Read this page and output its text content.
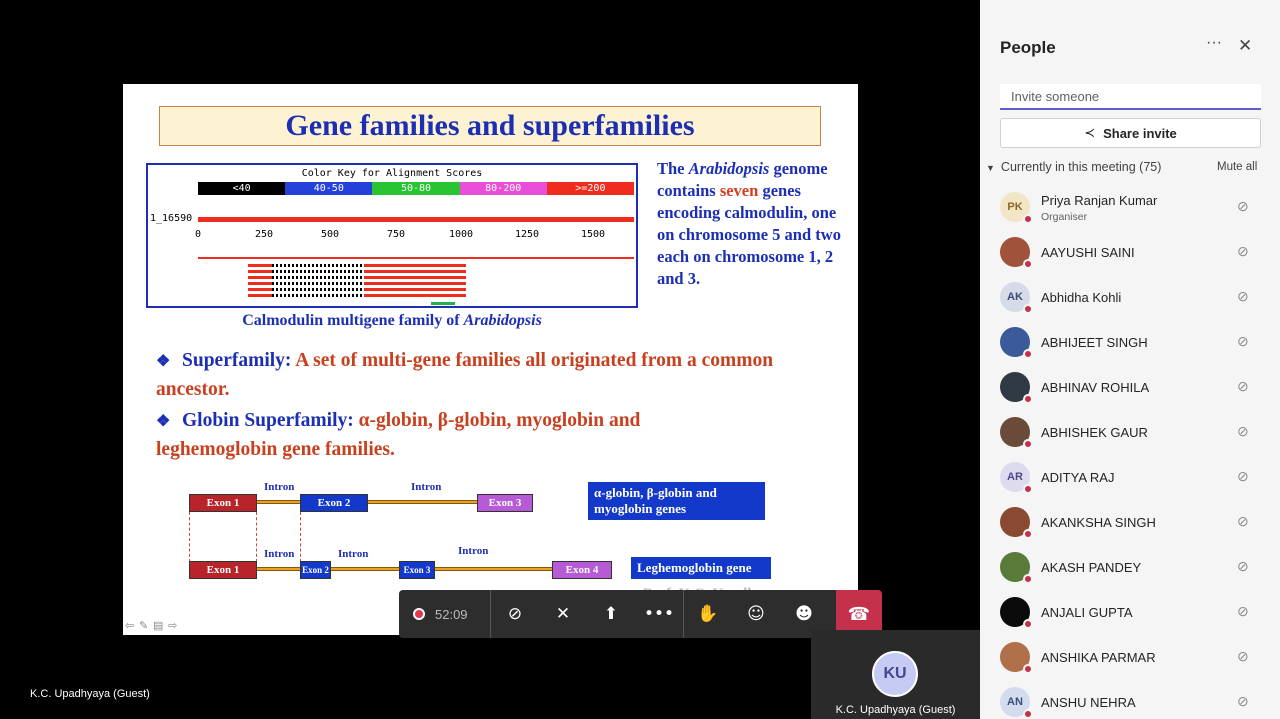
Gene families and superfamilies
Color Key for Alignment Scores
<40	40-50	50-80	80-200	>=200
1_16590
0	250	500	750	1000	1250	1500
Calmodulin multigene family of Arabidopsis
The Arabidopsis genome contains seven genes encoding calmodulin, one on chromosome 5 and two each on chromosome 1, 2 and 3.
❖ Superfamily: A set of multi-gene families all originated from a common ancestor.
❖ Globin Superfamily: α-globin, β-globin, myoglobin and leghemoglobin gene families.
Exon 1	Exon 2	Exon 3
Intron	Intron
Exon 1	Exon 2	Exon 3	Exon 4
Intron	Intron	Intron
α-globin, β-globin and myoglobin genes
Leghemoglobin gene
⇦ ✎ ▤ ⇨
52:09 ⊘ ✕ ⬆ ••• ✋ ☺ ☻ ☎
K.C. Upadhyaya (Guest)
KU
K.C. Upadhyaya (Guest)
People	··· ✕
Invite someone
≺ Share invite
▼ Currently in this meeting (75)	Mute all
PK Priya Ranjan Kumar
Organiser
⊘
AAYUSHI SAINI	⊘
AK Abhidha Kohli	⊘
ABHIJEET SINGH	⊘
ABHINAV ROHILA	⊘
ABHISHEK GAUR	⊘
AR ADITYA RAJ	⊘
AKANKSHA SINGH	⊘
AKASH PANDEY	⊘
ANJALI GUPTA	⊘
ANSHIKA PARMAR	⊘
AN ANSHU NEHRA	⊘
